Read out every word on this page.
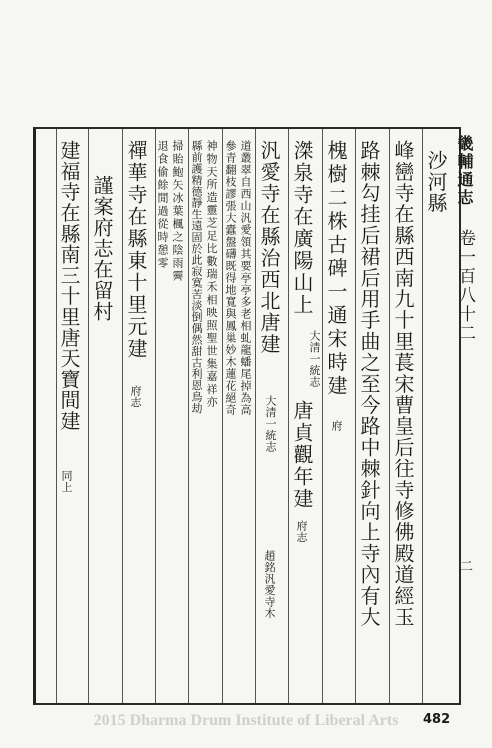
畿輔通志
卷一百八十二
二
沙河縣
峰巒寺在縣西南九十里萇宋曹皇后往寺修佛殿道經玉
路棘勾挂后裙后用手曲之至今路中棘針向上寺內有大
槐樹二株古碑一通宋時建
府
滐泉寺在廣陽山上
大清一統志
唐貞觀年建
府志
汎愛寺在縣治西北唐建
大清一統志
趙銘汎愛寺木
道叢翠自西山汎愛領其要亭亭多老相虬龍蟠尾掉為高
參青翻枝謬張大蠹盤礴既得地寬與鳳巢妙木蓮花絕奇
神物天所造靈芝足比數瑞禾相映照聖世集嘉祥亦
縣前護精德靜生遠固於此寂寞苦淡倒偶然甜古利恩鳥劫
掃貽鮑矢冰葉楓之陰雨霽
退食偷餘閒過從時憩零
禪華寺在縣東十里元建
府志
謹案府志在留村
建福寺在縣南三十里唐天寶間建
同上
482
2015 Dharma Drum Institute of Liberal Arts
